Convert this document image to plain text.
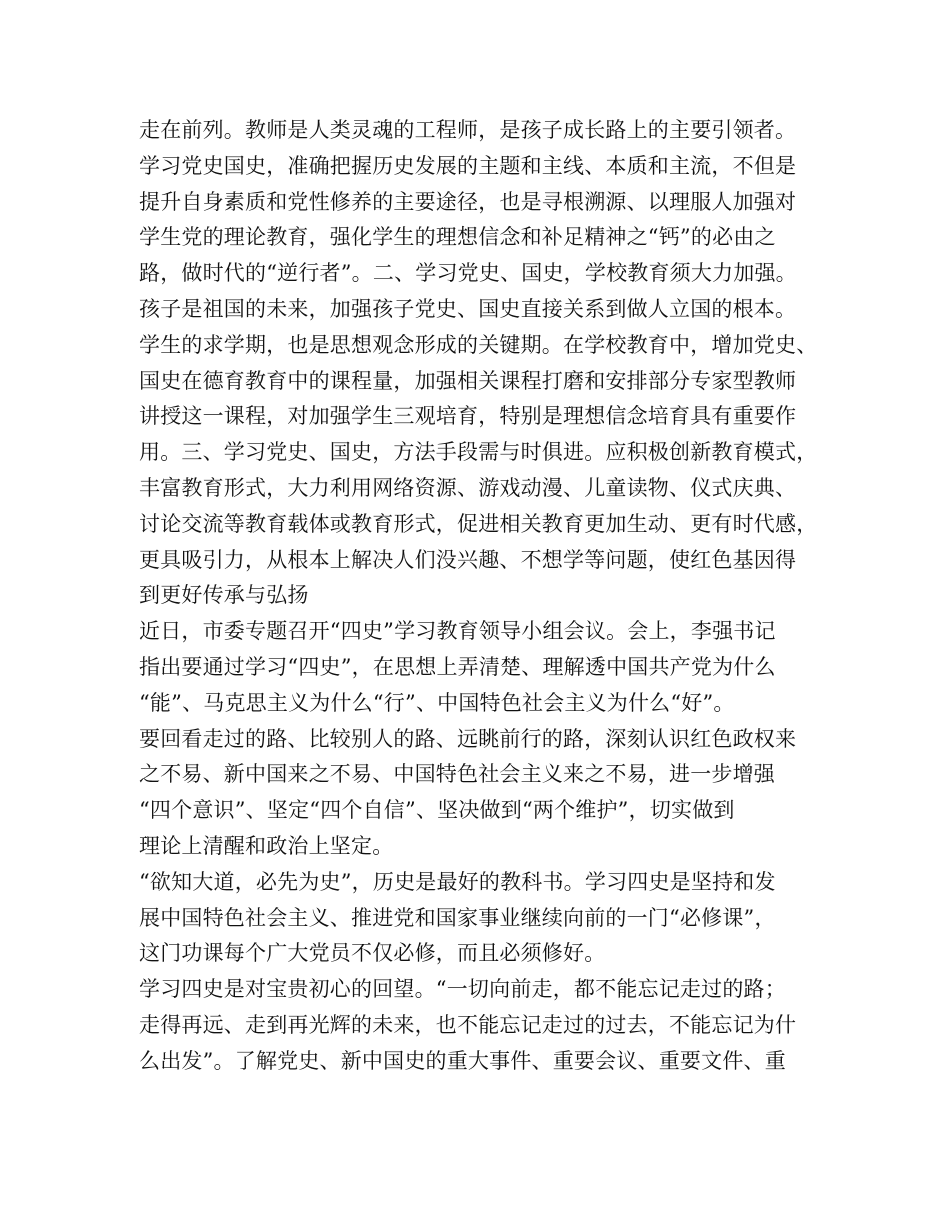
走在前列。教师是人类灵魂的工程师，是孩子成长路上的主要引领者。
学习党史国史，准确把握历史发展的主题和主线、本质和主流，不但是
提升自身素质和党性修养的主要途径，也是寻根溯源、以理服人加强对
学生党的理论教育，强化学生的理想信念和补足精神之“钙”的必由之
路，做时代的“逆行者”。二、学习党史、国史，学校教育须大力加强。
孩子是祖国的未来，加强孩子党史、国史直接关系到做人立国的根本。
学生的求学期，也是思想观念形成的关键期。在学校教育中，增加党史、
国史在德育教育中的课程量，加强相关课程打磨和安排部分专家型教师
讲授这一课程，对加强学生三观培育，特别是理想信念培育具有重要作
用。三、学习党史、国史，方法手段需与时俱进。应积极创新教育模式，
丰富教育形式，大力利用网络资源、游戏动漫、儿童读物、仪式庆典、
讨论交流等教育载体或教育形式，促进相关教育更加生动、更有时代感，
更具吸引力，从根本上解决人们没兴趣、不想学等问题，使红色基因得
到更好传承与弘扬
近日，市委专题召开“四史”学习教育领导小组会议。会上，李强书记
指出要通过学习“四史”，在思想上弄清楚、理解透中国共产党为什么
“能”、马克思主义为什么“行”、中国特色社会主义为什么“好”。
要回看走过的路、比较别人的路、远眺前行的路，深刻认识红色政权来
之不易、新中国来之不易、中国特色社会主义来之不易，进一步增强
“四个意识”、坚定“四个自信”、坚决做到“两个维护”，切实做到
理论上清醒和政治上坚定。
“欲知大道，必先为史”，历史是最好的教科书。学习四史是坚持和发
展中国特色社会主义、推进党和国家事业继续向前的一门“必修课”，
这门功课每个广大党员不仅必修，而且必须修好。
学习四史是对宝贵初心的回望。“一切向前走，都不能忘记走过的路；
走得再远、走到再光辉的未来，也不能忘记走过的过去，不能忘记为什
么出发”。了解党史、新中国史的重大事件、重要会议、重要文件、重
